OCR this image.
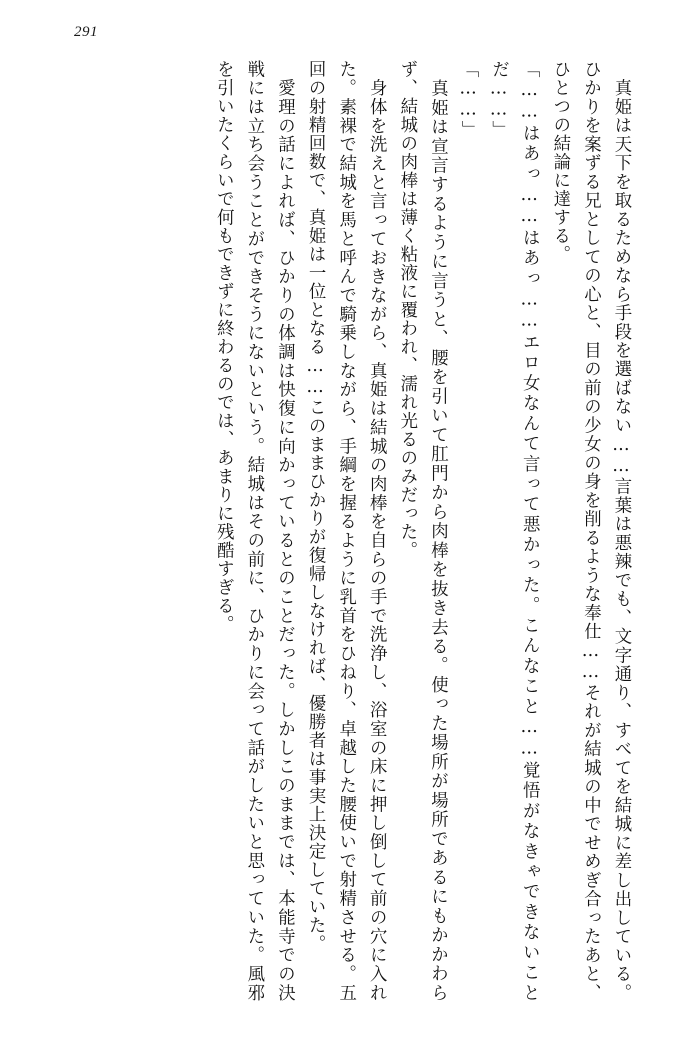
291

　真姫は天下を取るためなら手段を選ばない……言葉は悪辣でも、文字通り、すべてを結城に差し出している。ひかりを案ずる兄としての心と、目の前の少女の身を削るような奉仕……それが結城の中でせめぎ合ったあと、ひとつの結論に達する。

「……はあっ……はあっ……エロ女なんて言って悪かった。こんなこと……覚悟がなきゃできないことだ……」

「……」

　真姫は宣言するように言うと、腰を引いて肛門から肉棒を抜き去る。使った場所が場所であるにもかかわらず、結城の肉棒は薄く粘液に覆われ、濡れ光るのみだった。

　身体を洗えと言っておきながら、真姫は結城の肉棒を自らの手で洗浄し、浴室の床に押し倒して前の穴に入れた。素裸で結城を馬と呼んで騎乗しながら、手綱を握るように乳首をひねり、卓越した腰使いで射精させる。五回の射精回数で、真姫は一位となる……このままひかりが復帰しなければ、優勝者は事実上決定していた。

　愛理の話によれば、ひかりの体調は快復に向かっているとのことだった。しかしこのままでは、本能寺での決戦には立ち会うことができそうにないという。結城はその前に、ひかりに会って話がしたいと思っていた。風邪を引いたくらいで何もできずに終わるのでは、あまりに残酷すぎる。
